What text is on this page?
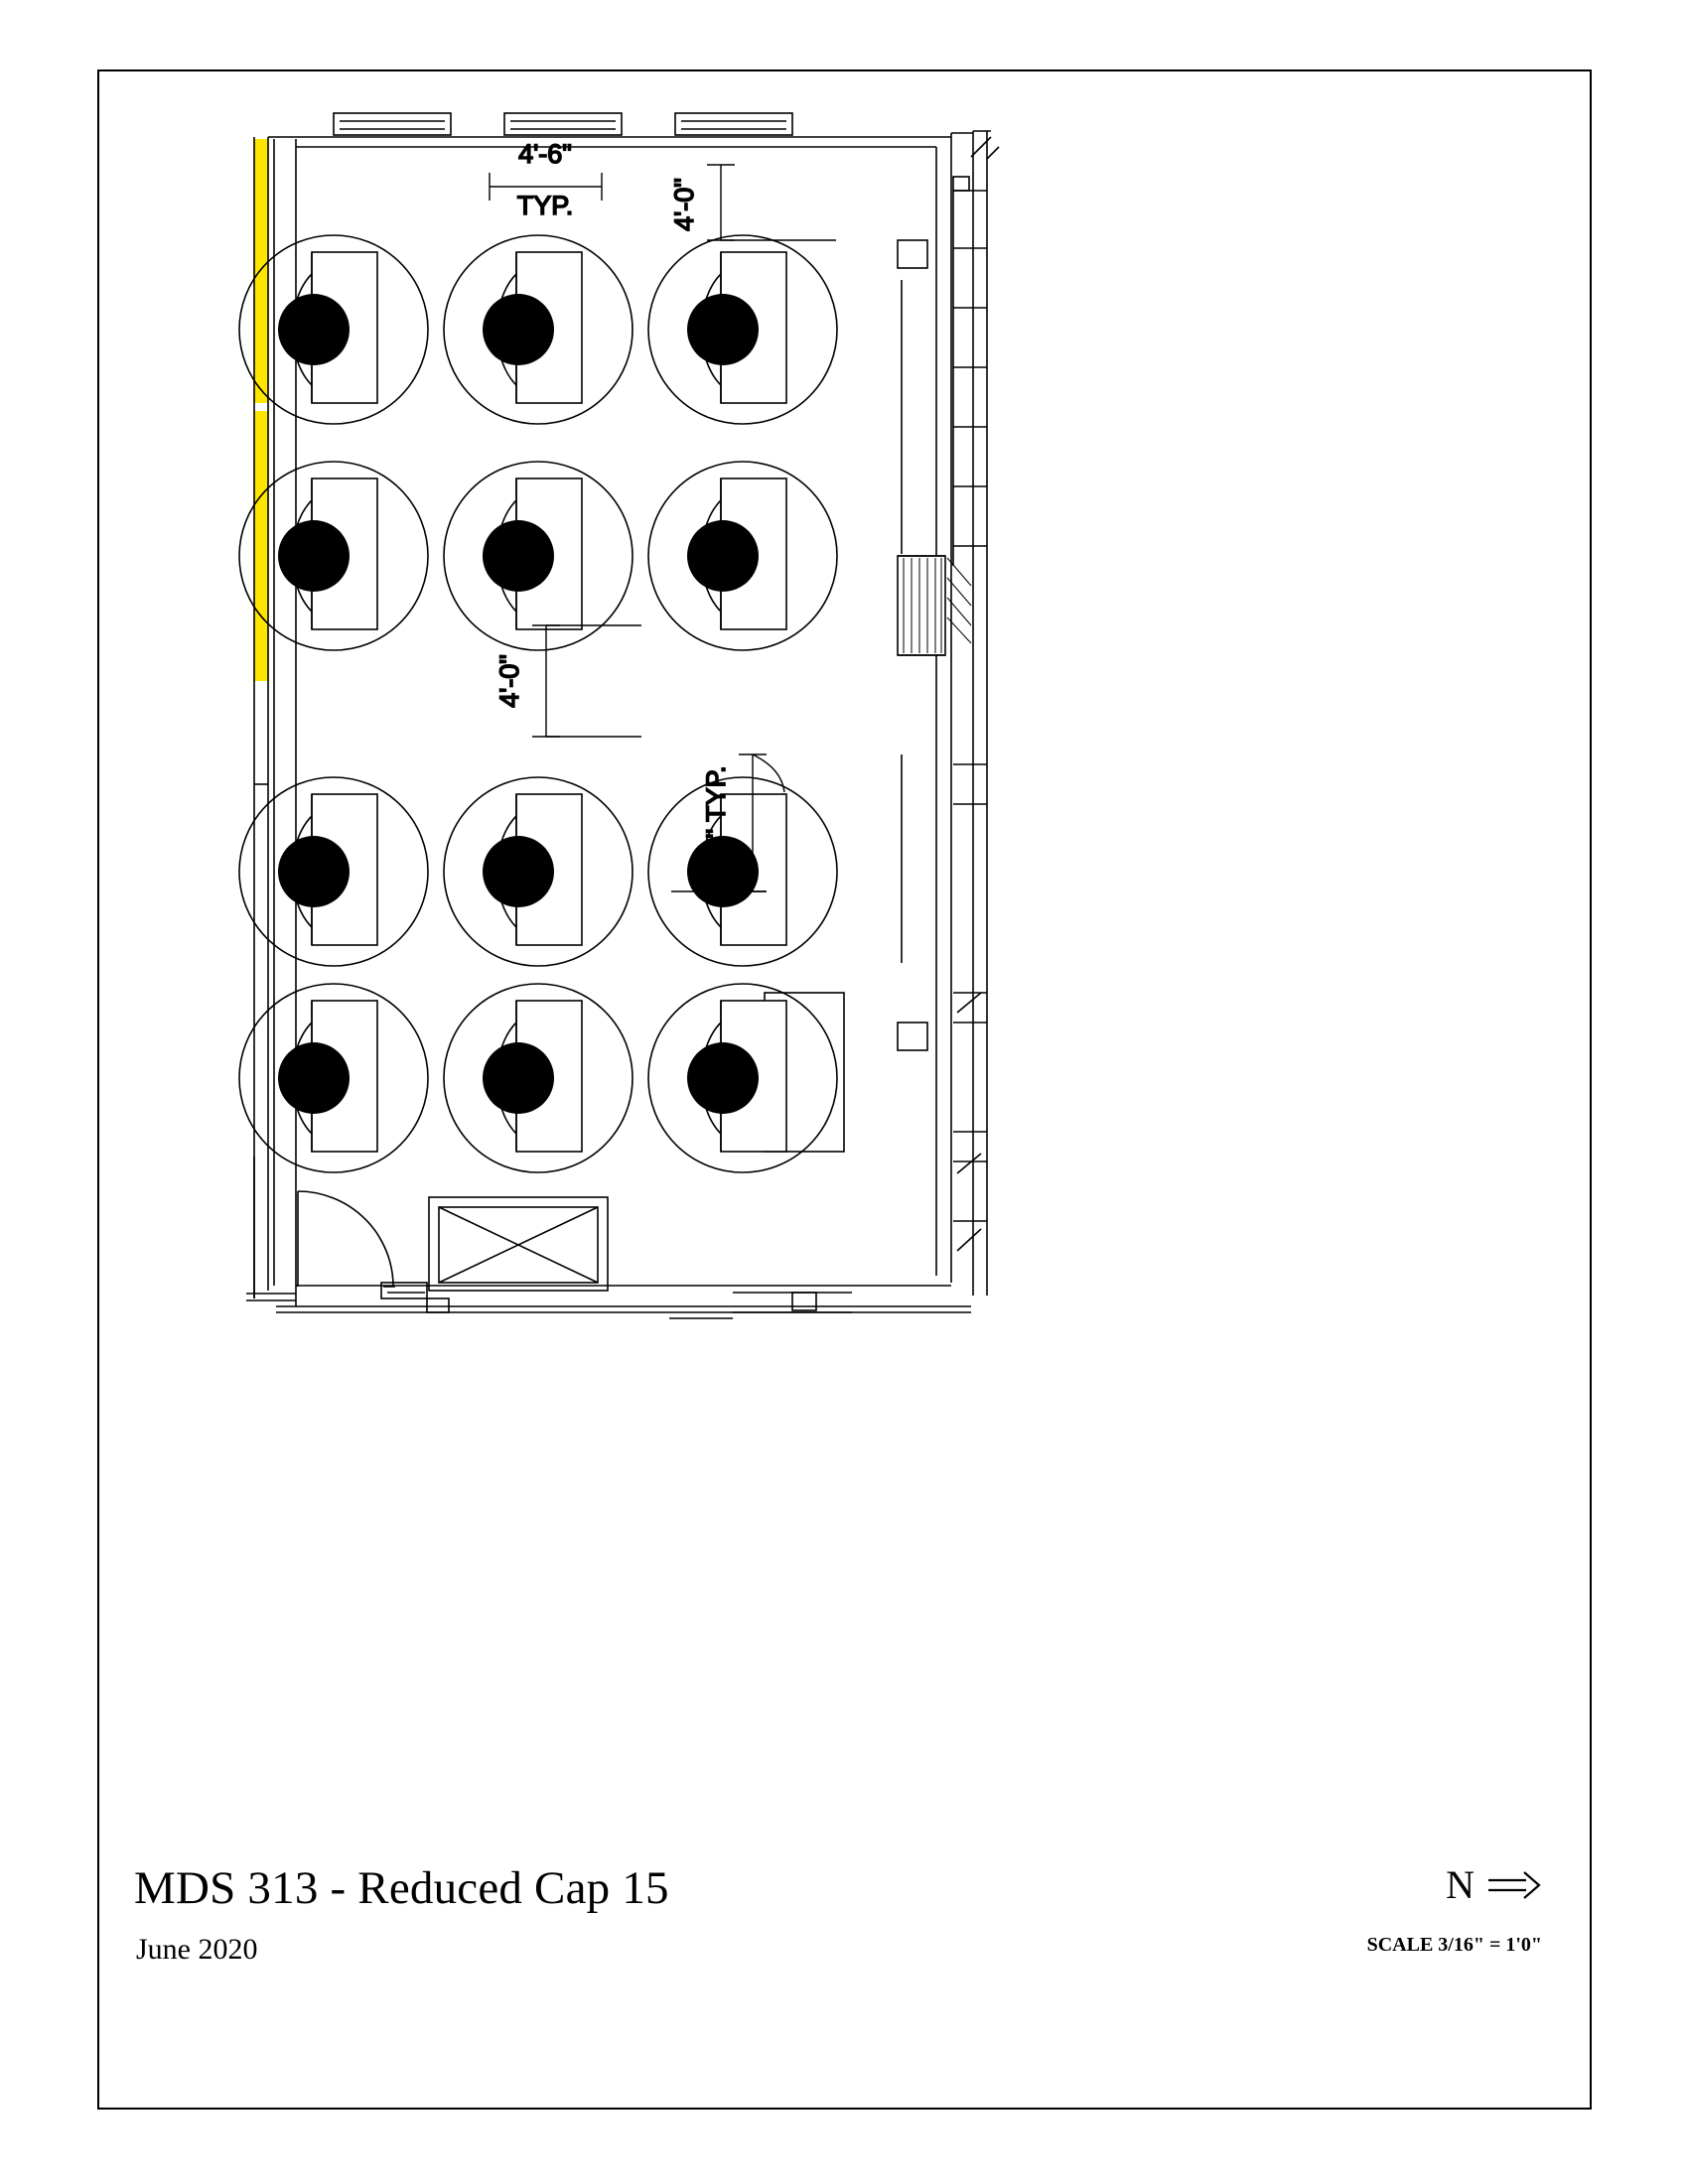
4'-6"
TYP.	4'-0"
4'-0"
1'-0" TYP.
MDS 313 - Reduced Cap 15
June 2020
N
SCALE 3/16" = 1'0"
